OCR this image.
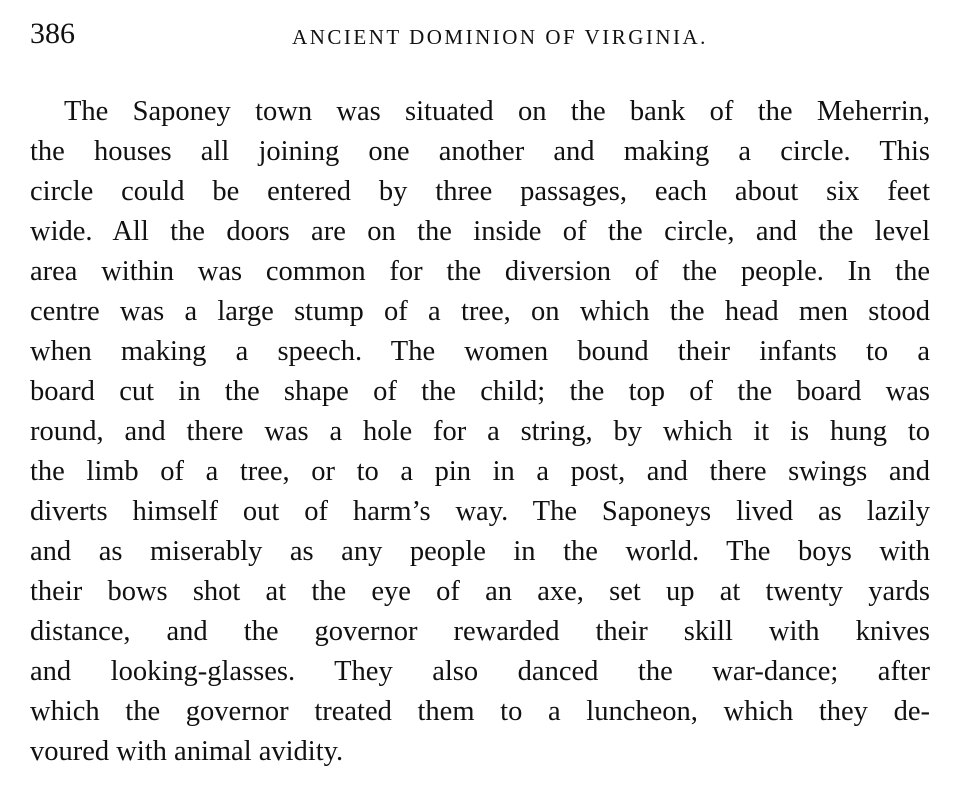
386	ANCIENT DOMINION OF VIRGINIA.
The Saponey town was situated on the bank of the Meherrin,
the houses all joining one another and making a circle. This
circle could be entered by three passages, each about six feet
wide. All the doors are on the inside of the circle, and the level
area within was common for the diversion of the people. In the
centre was a large stump of a tree, on which the head men stood
when making a speech. The women bound their infants to a
board cut in the shape of the child; the top of the board was
round, and there was a hole for a string, by which it is hung to
the limb of a tree, or to a pin in a post, and there swings and
diverts himself out of harm’s way. The Saponeys lived as lazily
and as miserably as any people in the world. The boys with
their bows shot at the eye of an axe, set up at twenty yards
distance, and the governor rewarded their skill with knives
and looking-glasses. They also danced the war-dance; after
which the governor treated them to a luncheon, which they de-
voured with animal avidity.
